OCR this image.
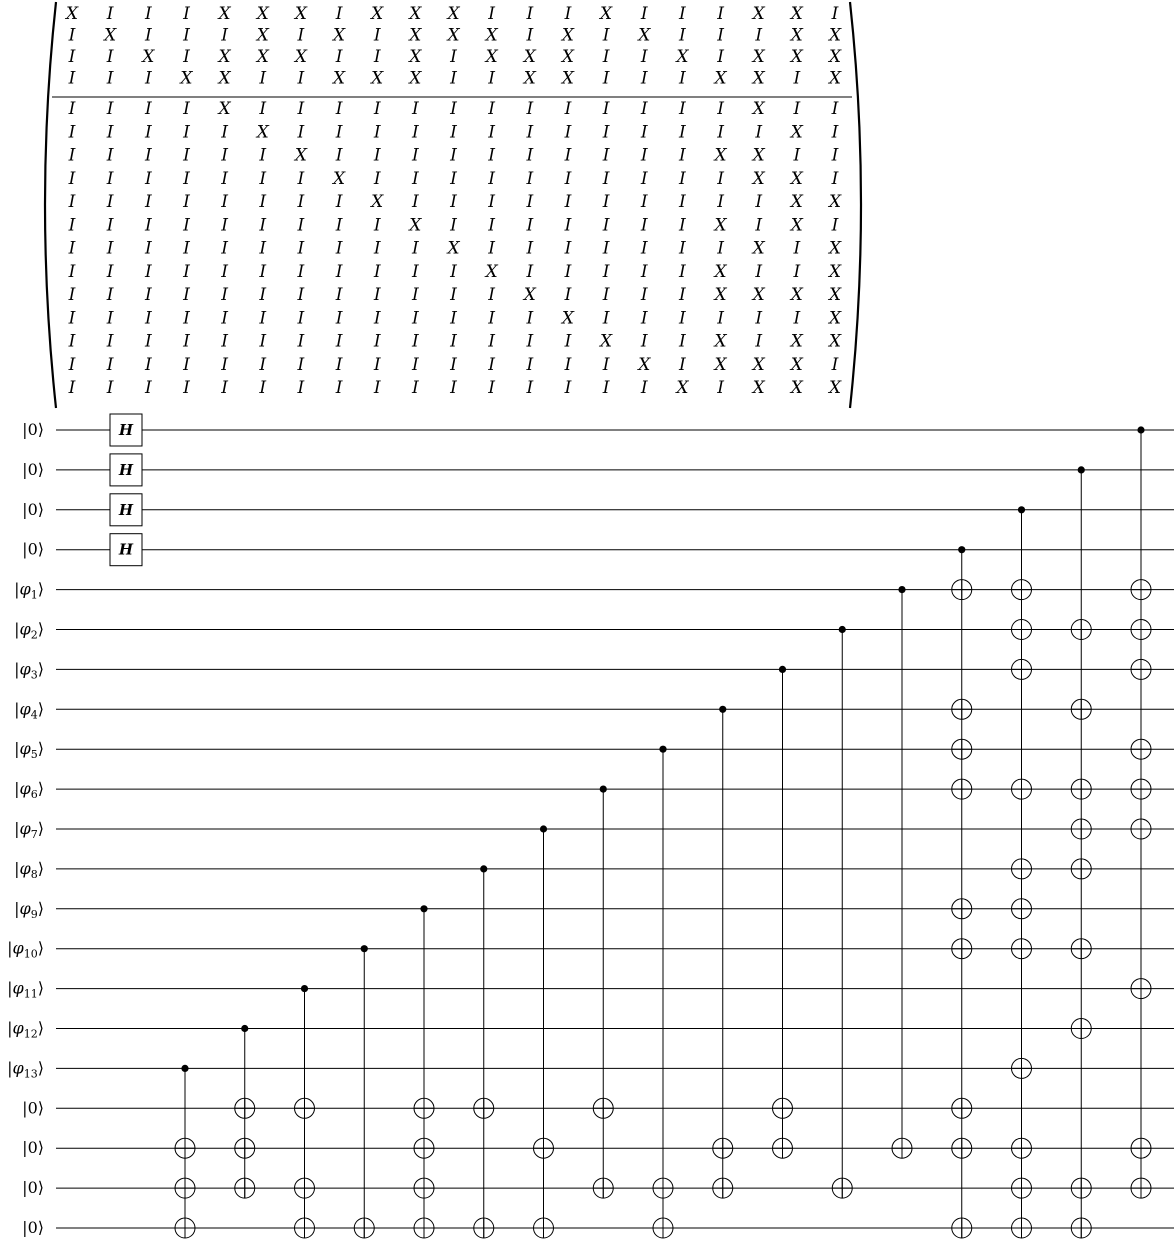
X I I I X X X I X X X I I I X I I I X X I
I X I I I X I X I X X X I X I X I I I X X
I I X I X X X I I X I X X X I I X I X X X
I I I X X I I X X X I I X X I I I X X I X
I I I I X I I I I I I I I I I I I I X I I
I I I I I X I I I I I I I I I I I I I X I
I I I I I I X I I I I I I I I I I X X I I
I I I I I I I X I I I I I I I I I I X X I
I I I I I I I I X I I I I I I I I I I X X
I I I I I I I I I X I I I I I I I X I X I
I I I I I I I I I I X I I I I I I I X I X
I I I I I I I I I I I X I I I I I X I I X
I I I I I I I I I I I I X I I I I X X X X
I I I I I I I I I I I I I X I I I I I I X
I I I I I I I I I I I I I I X I I X I X X
I I I I I I I I I I I I I I I X I X X X I
I I I I I I I I I I I I I I I I X I X X X
|0⟩
|0⟩
|0⟩
|0⟩
$|\varphi_1⟩$
$|\varphi_2⟩$
$|\varphi_3⟩$
$|\varphi_4⟩$
$|\varphi_5⟩$
$|\varphi_6⟩$
$|\varphi_7⟩$
$|\varphi_8⟩$
$|\varphi_9⟩$
$|\varphi_{10}⟩$
$|\varphi_{11}⟩$
$|\varphi_{12}⟩$
$|\varphi_{13}⟩$
|0⟩
|0⟩
|0⟩
|0⟩
H
H
H
H
